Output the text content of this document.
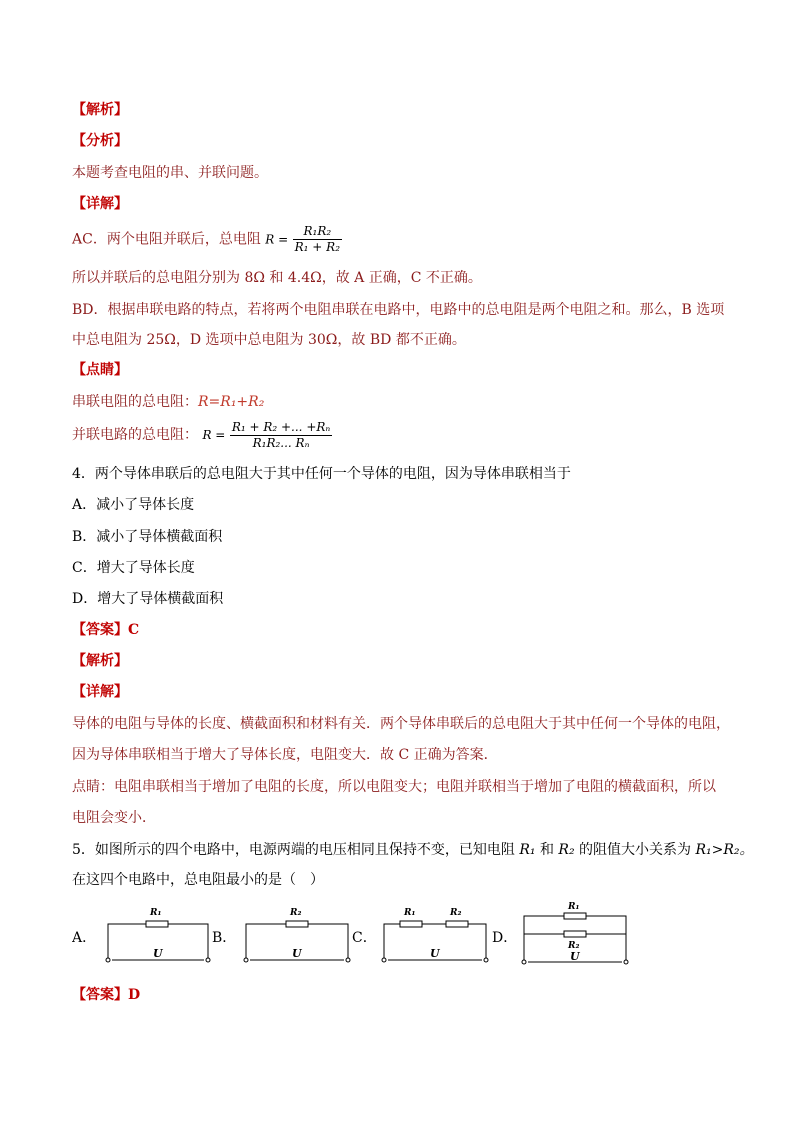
【解析】
【分析】
本题考查电阻的串、并联问题。
【详解】
AC．两个电阻并联后，总电阻 $R = \frac{\text{R₁R₂}}{\text{R₁ + R₂}}$
所以并联后的总电阻分别为 8Ω 和 4.4Ω，故 A 正确，C 不正确。
BD．根据串联电路的特点，若将两个电阻串联在电路中，电路中的总电阻是两个电阻之和。那么，B 选项
中总电阻为 25Ω，D 选项中总电阻为 30Ω，故 BD 都不正确。
【点睛】
串联电阻的总电阻：R=R₁+R₂
并联电路的总电阻： $R = \frac{\text{R₁ + R₂ +... +Rₙ}}{\text{R₁R₂... Rₙ}}$
4．两个导体串联后的总电阻大于其中任何一个导体的电阻，因为导体串联相当于
A．减小了导体长度
B．减小了导体横截面积
C．增大了导体长度
D．增大了导体横截面积
【答案】C
【解析】
【详解】
导体的电阻与导体的长度、横截面积和材料有关．两个导体串联后的总电阻大于其中任何一个导体的电阻，
因为导体串联相当于增大了导体长度，电阻变大．故 C 正确为答案．
点睛：电阻串联相当于增加了电阻的长度，所以电阻变大；电阻并联相当于增加了电阻的横截面积，所以
电阻会变小．
5．如图所示的四个电路中，电源两端的电压相同且保持不变，已知电阻 R₁ 和 R₂ 的阻值大小关系为 R₁>R₂。
在这四个电路中，总电阻最小的是（　）
A．
R₁
U
B．
R₂
U
C．
R₁	R₂
U
D．
R₁
R₂
U
【答案】D
